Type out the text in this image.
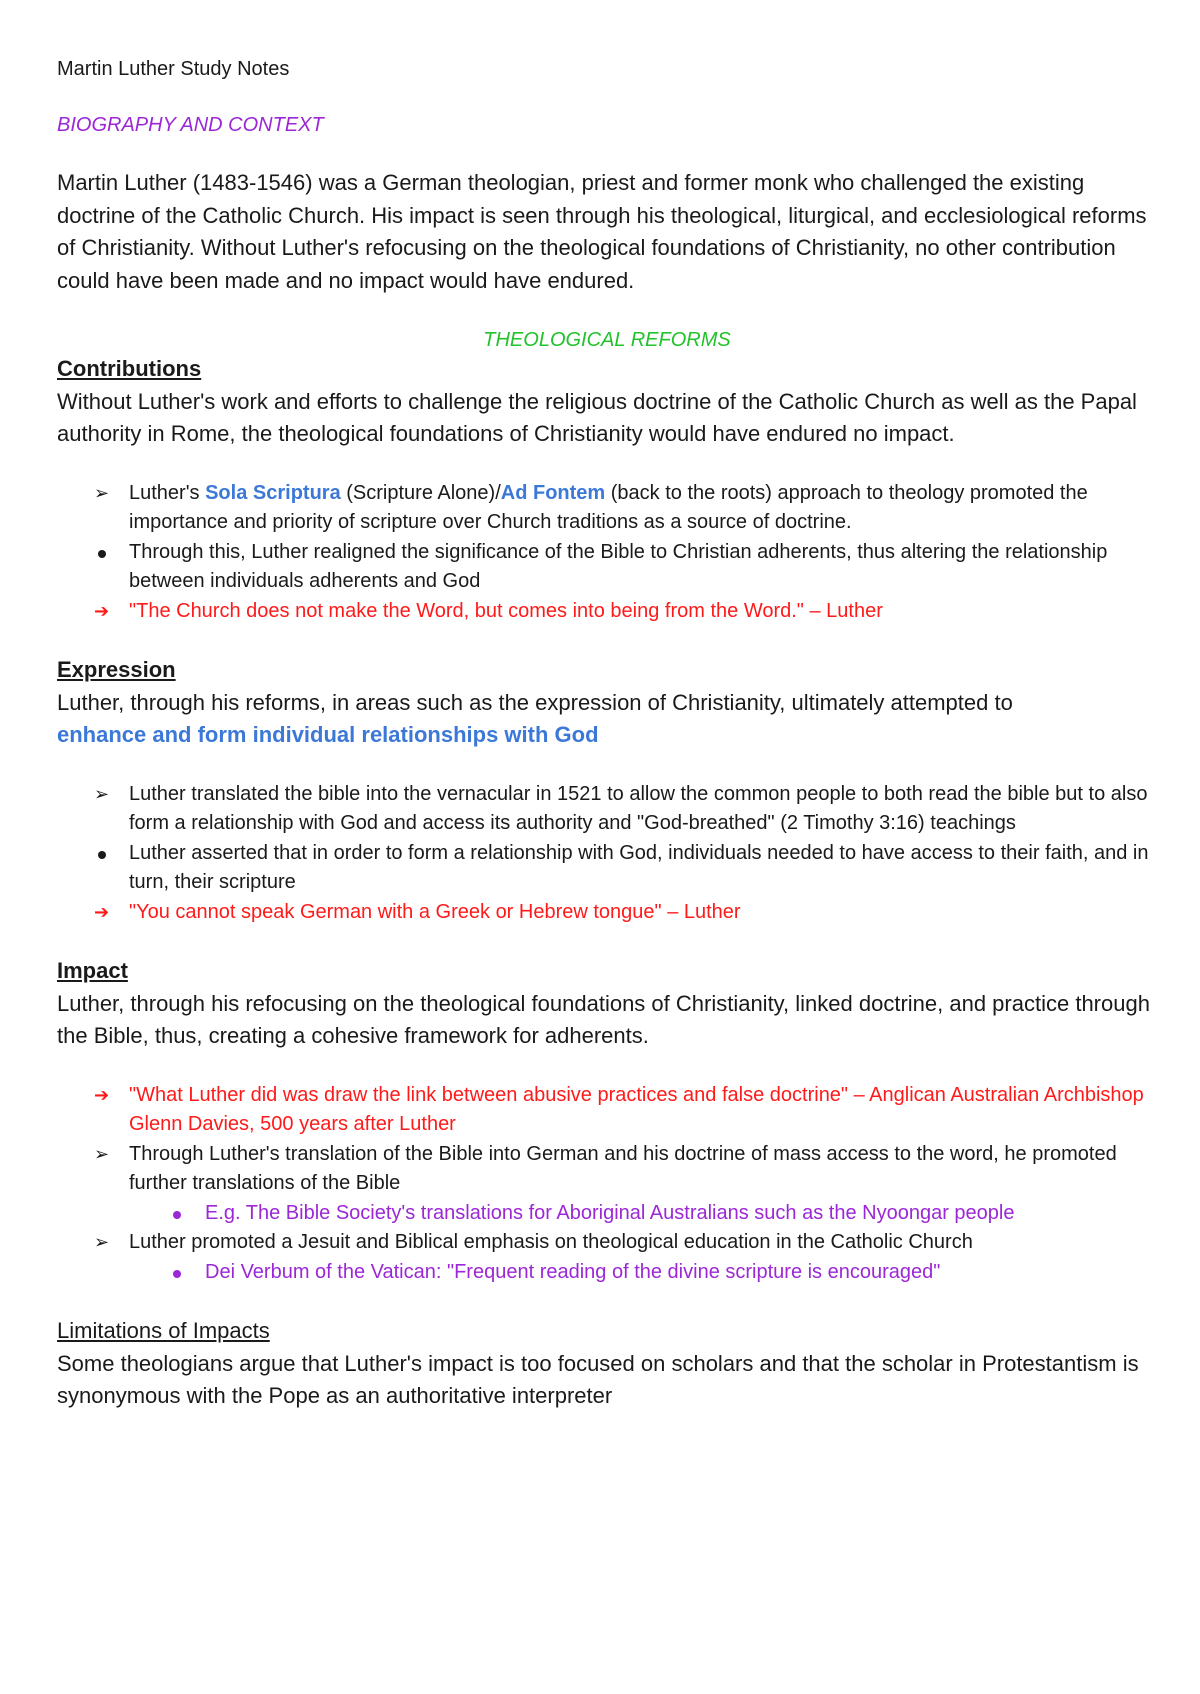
Martin Luther Study Notes

BIOGRAPHY AND CONTEXT

Martin Luther (1483-1546) was a German theologian, priest and former monk who challenged the existing doctrine of the Catholic Church. His impact is seen through his theological, liturgical, and ecclesiological reforms of Christianity. Without Luther's refocusing on the theological foundations of Christianity, no other contribution could have been made and no impact would have endured.

THEOLOGICAL REFORMS

Contributions

Without Luther's work and efforts to challenge the religious doctrine of the Catholic Church as well as the Papal authority in Rome, the theological foundations of Christianity would have endured no impact.

➢ Luther's Sola Scriptura (Scripture Alone)/Ad Fontem (back to the roots) approach to theology promoted the importance and priority of scripture over Church traditions as a source of doctrine.
Through this, Luther realigned the significance of the Bible to Christian adherents, thus altering the relationship between individuals adherents and God
➔ "The Church does not make the Word, but comes into being from the Word." – Luther

Expression

Luther, through his reforms, in areas such as the expression of Christianity, ultimately attempted to

enhance and form individual relationships with God

➢ Luther translated the bible into the vernacular in 1521 to allow the common people to both read the bible but to also form a relationship with God and access its authority and "God-breathed" (2 Timothy 3:16) teachings
Luther asserted that in order to form a relationship with God, individuals needed to have access to their faith, and in turn, their scripture
➔ "You cannot speak German with a Greek or Hebrew tongue" – Luther

Impact

Luther, through his refocusing on the theological foundations of Christianity, linked doctrine, and practice through the Bible, thus, creating a cohesive framework for adherents.

➔ "What Luther did was draw the link between abusive practices and false doctrine" – Anglican Australian Archbishop Glenn Davies, 500 years after Luther
➢ Through Luther's translation of the Bible into German and his doctrine of mass access to the word, he promoted further translations of the Bible
E.g. The Bible Society's translations for Aboriginal Australians such as the Nyoongar people
➢ Luther promoted a Jesuit and Biblical emphasis on theological education in the Catholic Church
Dei Verbum of the Vatican: "Frequent reading of the divine scripture is encouraged"

Limitations of Impacts

Some theologians argue that Luther's impact is too focused on scholars and that the scholar in Protestantism is synonymous with the Pope as an authoritative interpreter
